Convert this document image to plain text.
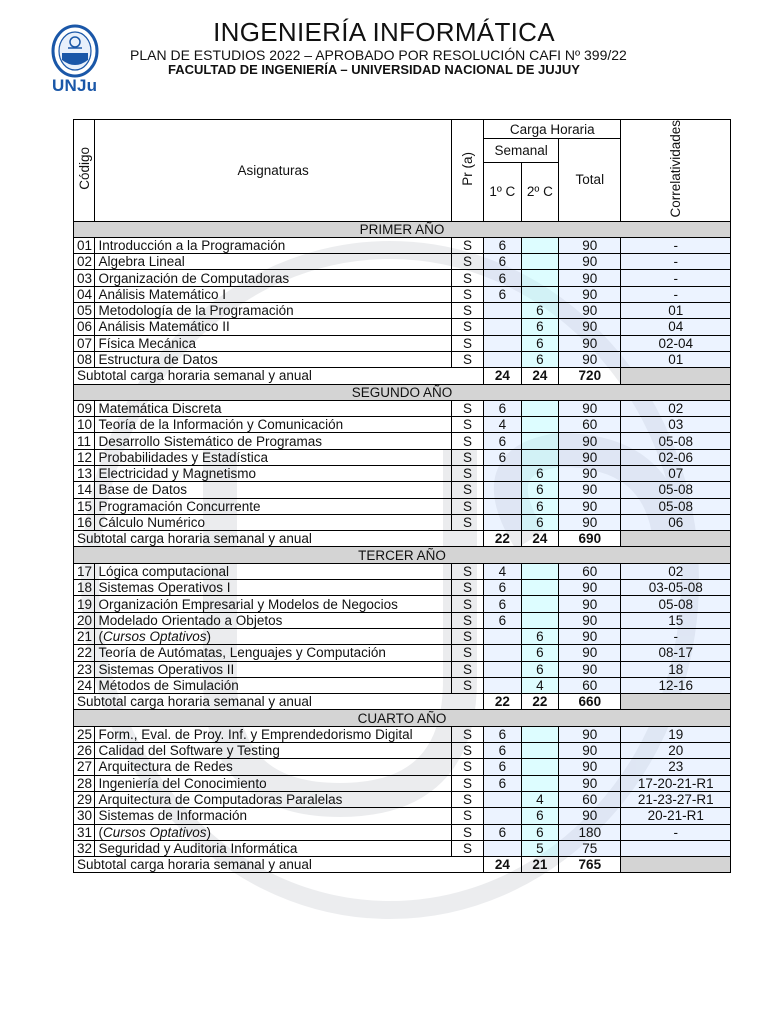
UNJu
INGENIERÍA INFORMÁTICA
PLAN DE ESTUDIOS 2022 – APROBADO POR RESOLUCIÓN CAFI Nº 399/22
FACULTAD DE INGENIERÍA – UNIVERSIDAD NACIONAL DE JUJUY
Código	Asignaturas	Pr (a)	Carga Horaria			Correlatividades
			Semanal		Total	
			1º C	2º C		
PRIMER AÑO						
01	Introducción a la Programación	S	6		90	-
02	Algebra Lineal	S	6		90	-
03	Organización de Computadoras	S	6		90	-
04	Análisis Matemático I	S	6		90	-
05	Metodología de la Programación	S		6	90	01
06	Análisis Matemático II	S		6	90	04
07	Física Mecánica	S		6	90	02-04
08	Estructura de Datos	S		6	90	01
Subtotal carga horaria semanal y anual			24	24	720	
SEGUNDO AÑO						
09	Matemática Discreta	S	6		90	02
10	Teoría de la Información y Comunicación	S	4		60	03
11	Desarrollo Sistemático de Programas	S	6		90	05-08
12	Probabilidades y Estadística	S	6		90	02-06
13	Electricidad y Magnetismo	S		6	90	07
14	Base de Datos	S		6	90	05-08
15	Programación Concurrente	S		6	90	05-08
16	Cálculo Numérico	S		6	90	06
Subtotal carga horaria semanal y anual			22	24	690	
TERCER AÑO						
17	Lógica computacional	S	4		60	02
18	Sistemas Operativos I	S	6		90	03-05-08
19	Organización Empresarial y Modelos de Negocios	S	6		90	05-08
20	Modelado Orientado a Objetos	S	6		90	15
21	(Cursos Optativos)	S		6	90	-
22	Teoría de Autómatas, Lenguajes y Computación	S		6	90	08-17
23	Sistemas Operativos II	S		6	90	18
24	Métodos de Simulación	S		4	60	12-16
Subtotal carga horaria semanal y anual			22	22	660	
CUARTO AÑO						
25	Form., Eval. de Proy. Inf. y Emprendedorismo Digital	S	6		90	19
26	Calidad del Software y Testing	S	6		90	20
27	Arquitectura de Redes	S	6		90	23
28	Ingeniería del Conocimiento	S	6		90	17-20-21-R1
29	Arquitectura de Computadoras Paralelas	S		4	60	21-23-27-R1
30	Sistemas de Información	S		6	90	20-21-R1
31	(Cursos Optativos)	S	6	6	180	-
32	Seguridad y Auditoria Informática	S		5	75	
Subtotal carga horaria semanal y anual			24	21	765	
